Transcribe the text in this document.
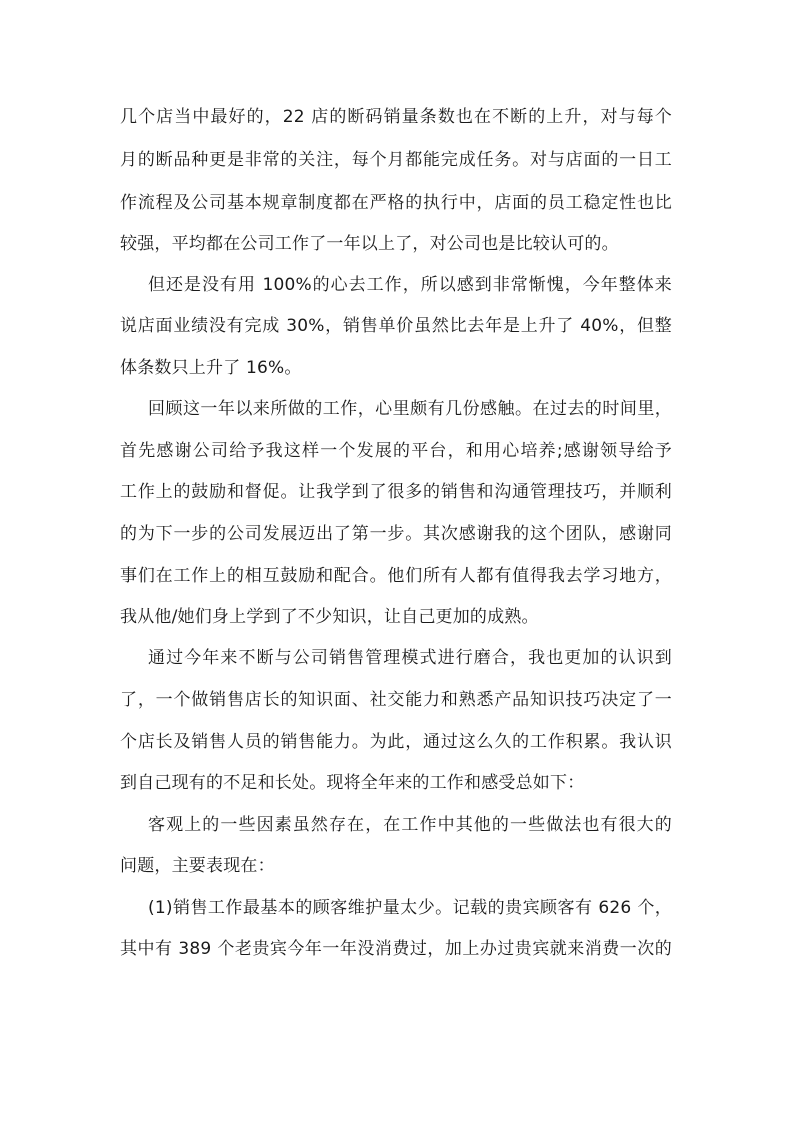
几个店当中最好的，22 店的断码销量条数也在不断的上升，对与每个
月的断品种更是非常的关注，每个月都能完成任务。对与店面的一日工
作流程及公司基本规章制度都在严格的执行中，店面的员工稳定性也比
较强，平均都在公司工作了一年以上了，对公司也是比较认可的。
但还是没有用 100%的心去工作，所以感到非常惭愧，今年整体来
说店面业绩没有完成 30%，销售单价虽然比去年是上升了 40%，但整
体条数只上升了 16%。
回顾这一年以来所做的工作，心里颇有几份感触。在过去的时间里，
首先感谢公司给予我这样一个发展的平台，和用心培养;感谢领导给予
工作上的鼓励和督促。让我学到了很多的销售和沟通管理技巧，并顺利
的为下一步的公司发展迈出了第一步。其次感谢我的这个团队，感谢同
事们在工作上的相互鼓励和配合。他们所有人都有值得我去学习地方，
我从他/她们身上学到了不少知识，让自己更加的成熟。
通过今年来不断与公司销售管理模式进行磨合，我也更加的认识到
了，一个做销售店长的知识面、社交能力和熟悉产品知识技巧决定了一
个店长及销售人员的销售能力。为此，通过这么久的工作积累。我认识
到自己现有的不足和长处。现将全年来的工作和感受总如下：
客观上的一些因素虽然存在，在工作中其他的一些做法也有很大的
问题，主要表现在：
(1)销售工作最基本的顾客维护量太少。记载的贵宾顾客有 626 个，
其中有 389 个老贵宾今年一年没消费过，加上办过贵宾就来消费一次的
